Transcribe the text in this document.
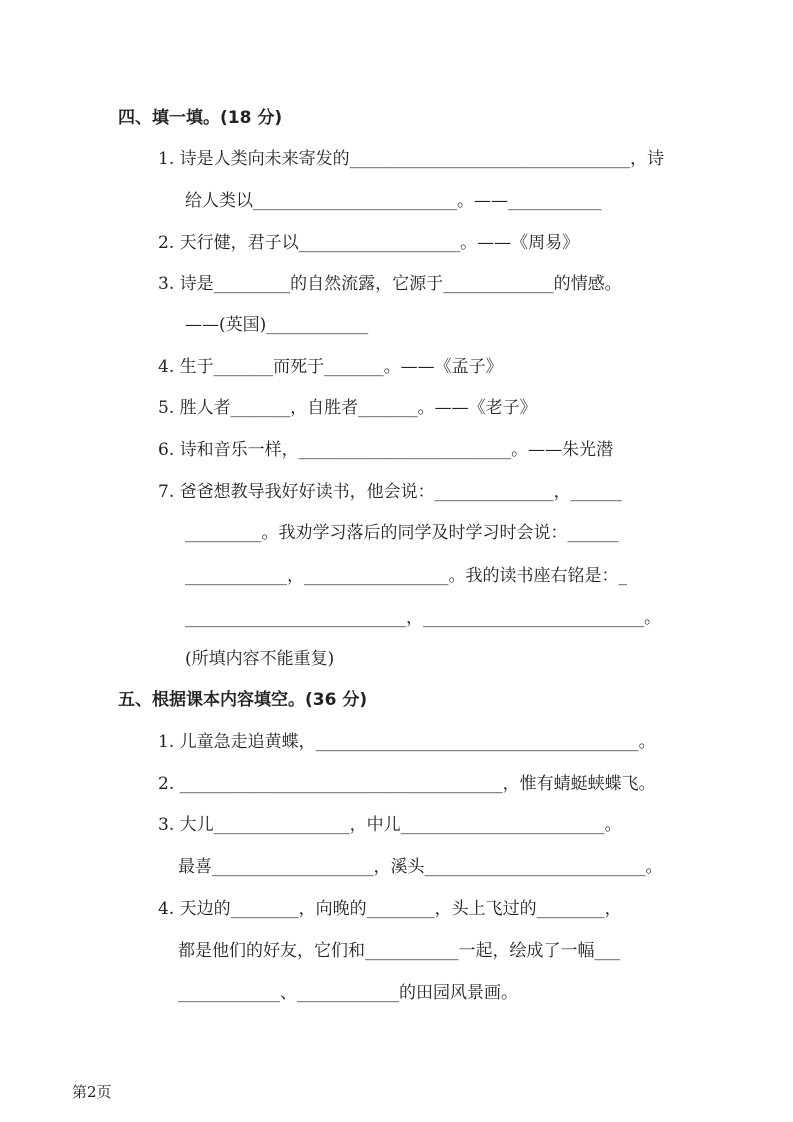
四、填一填。(18 分)
1. 诗是人类向未来寄发的_________________________________，诗
给人类以________________________。——___________
2. 天行健，君子以___________________。——《周易》
3. 诗是_________的自然流露，它源于_____________的情感。
——(英国)____________
4. 生于_______而死于_______。——《孟子》
5. 胜人者_______，自胜者_______。——《老子》
6. 诗和音乐一样，_________________________。——朱光潜
7. 爸爸想教导我好好读书，他会说：______________，______
_________。我劝学习落后的同学及时学习时会说：______
____________，_________________。我的读书座右铭是：_
__________________________，__________________________。
(所填内容不能重复)
五、根据课本内容填空。(36 分)
1. 儿童急走追黄蝶，______________________________________。
2. ______________________________________，惟有蜻蜓蛱蝶飞。
3. 大儿________________，中儿________________________。
最喜___________________，溪头__________________________。
4. 天边的________，向晚的________，头上飞过的________，
都是他们的好友，它们和___________一起，绘成了一幅___
____________、____________的田园风景画。
第2页
